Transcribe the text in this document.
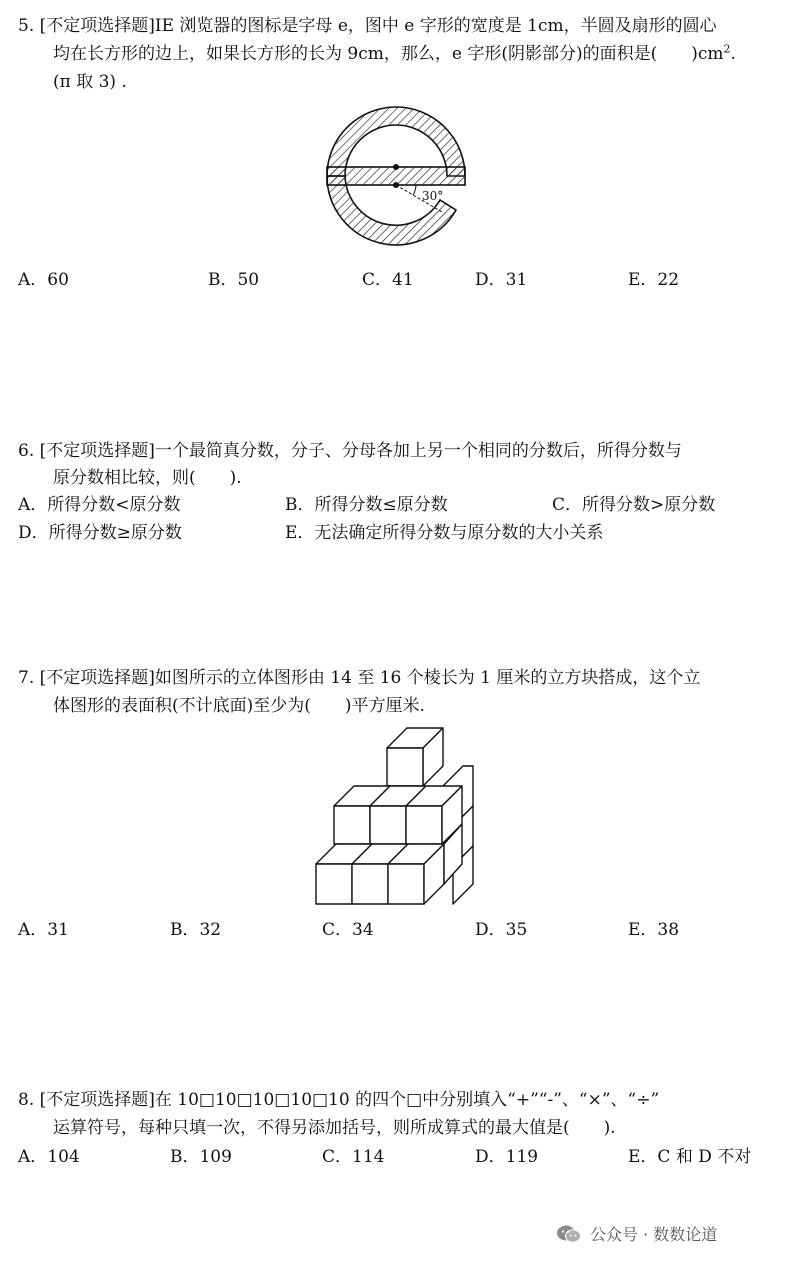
5. [不定项选择题]IE 浏览器的图标是字母 e，图中 e 字形的宽度是 1cm，半圆及扇形的圆心
均在长方形的边上，如果长方形的长为 9cm，那么，e 字形(阴影部分)的面积是(　　)$cm^2$.
(π 取 3) .
30°
A．60	B．50	C．41	D．31	E．22
6. [不定项选择题]一个最简真分数，分子、分母各加上另一个相同的分数后，所得分数与
原分数相比较，则(　　).
A．所得分数<原分数	B．所得分数≤原分数	C．所得分数>原分数
D．所得分数≥原分数	E．无法确定所得分数与原分数的大小关系
7. [不定项选择题]如图所示的立体图形由 14 至 16 个棱长为 1 厘米的立方块搭成，这个立
体图形的表面积(不计底面)至少为(　　)平方厘米.
A．31	B．32	C．34	D．35	E．38
8. [不定项选择题]在 10□10□10□10□10 的四个□中分别填入“+”“-”、“×”、“÷”
运算符号，每种只填一次，不得另添加括号，则所成算式的最大值是(　　).
A．104	B．109	C．114	D．119	E．C 和 D 不对
公众号 · 数数论道
